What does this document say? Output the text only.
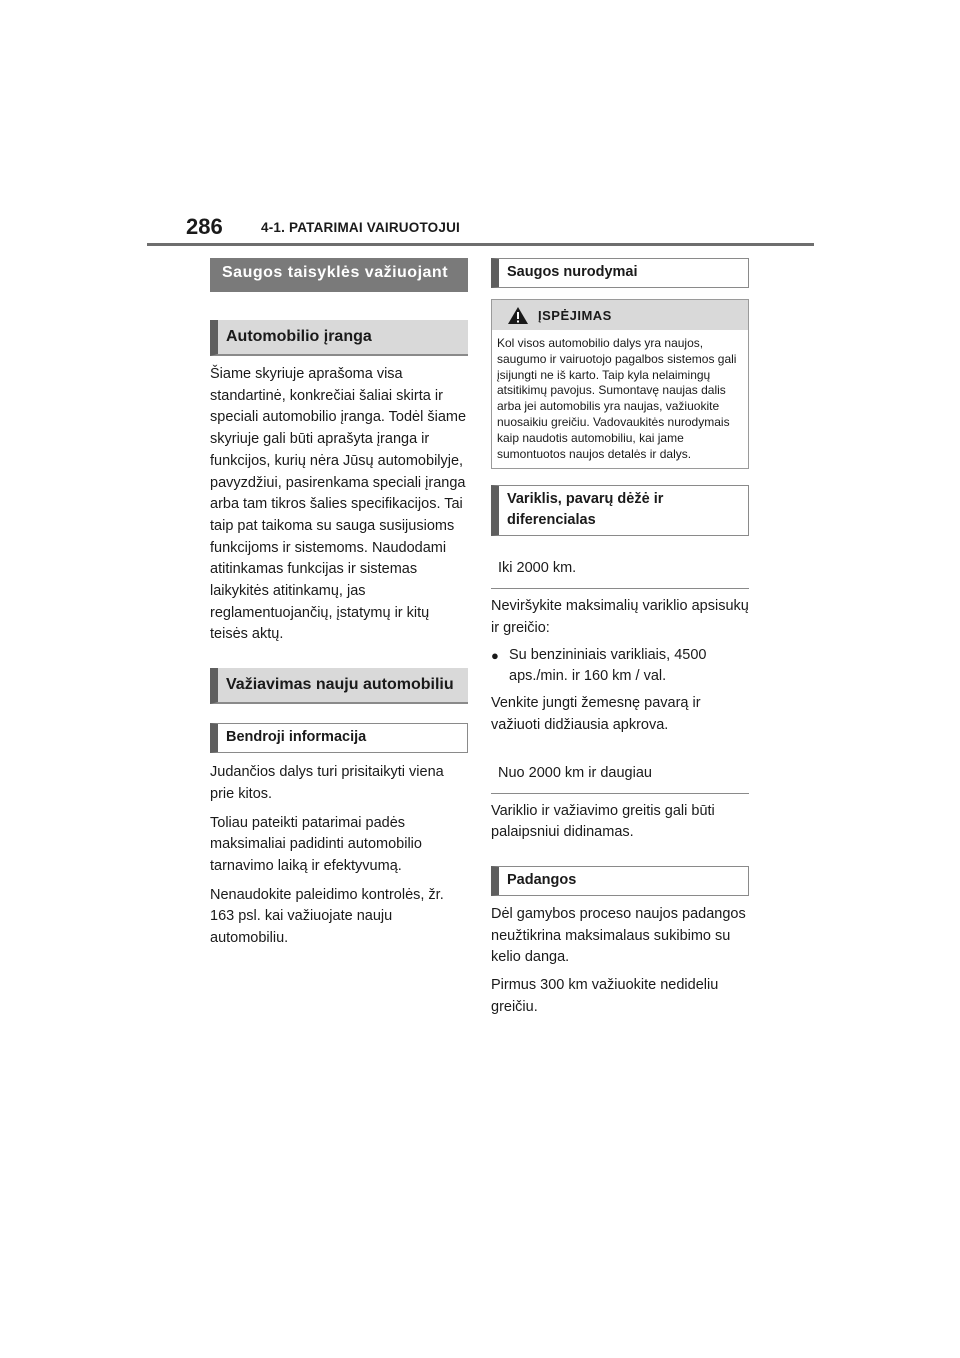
286	4-1. PATARIMAI VAIRUOTOJUI
Saugos taisyklės važiuojant
Automobilio įranga

Šiame skyriuje aprašoma visa standartinė, konkrečiai šaliai skirta ir speciali automobilio įranga. Todėl šiame skyriuje gali būti aprašyta įranga ir funkcijos, kurių nėra Jūsų automobilyje, pavyzdžiui, pasirenkama speciali įranga arba tam tikros šalies specifikacijos. Tai taip pat taikoma su sauga susijusioms funkcijoms ir sistemoms. Naudodami atitinkamas funkcijas ir sistemas laikykitės atitinkamų, jas reglamentuojančių, įstatymų ir kitų teisės aktų.

Važiavimas nauju automobiliu
Bendroji informacija

Judančios dalys turi prisitaikyti viena prie kitos.

Toliau pateikti patarimai padės maksimaliai padidinti automobilio tarnavimo laiką ir efektyvumą.

Nenaudokite paleidimo kontrolės, žr. 163 psl. kai važiuojate nauju automobiliu.

Saugos nurodymai
ĮSPĖJIMAS
Kol visos automobilio dalys yra naujos, saugumo ir vairuotojo pagalbos sistemos gali įsijungti ne iš karto. Taip kyla nelaimingų atsitikimų pavojus. Sumontavę naujas dalis arba jei automobilis yra naujas, važiuokite nuosaikiu greičiu. Vadovaukitės nurodymais kaip naudotis automobiliu, kai jame sumontuotos naujos detalės ir dalys.
Variklis, pavarų dėžė ir diferencialas
Iki 2000 km.

Neviršykite maksimalių variklio apsisukų ir greičio:

● Su benzininiais varikliais, 4500 aps./min. ir 160 km / val.

Venkite jungti žemesnę pavarą ir važiuoti didžiausia apkrova.

Nuo 2000 km ir daugiau

Variklio ir važiavimo greitis gali būti palaipsniui didinamas.

Padangos

Dėl gamybos proceso naujos padangos neužtikrina maksimalaus sukibimo su kelio danga.

Pirmus 300 km važiuokite nedideliu greičiu.
